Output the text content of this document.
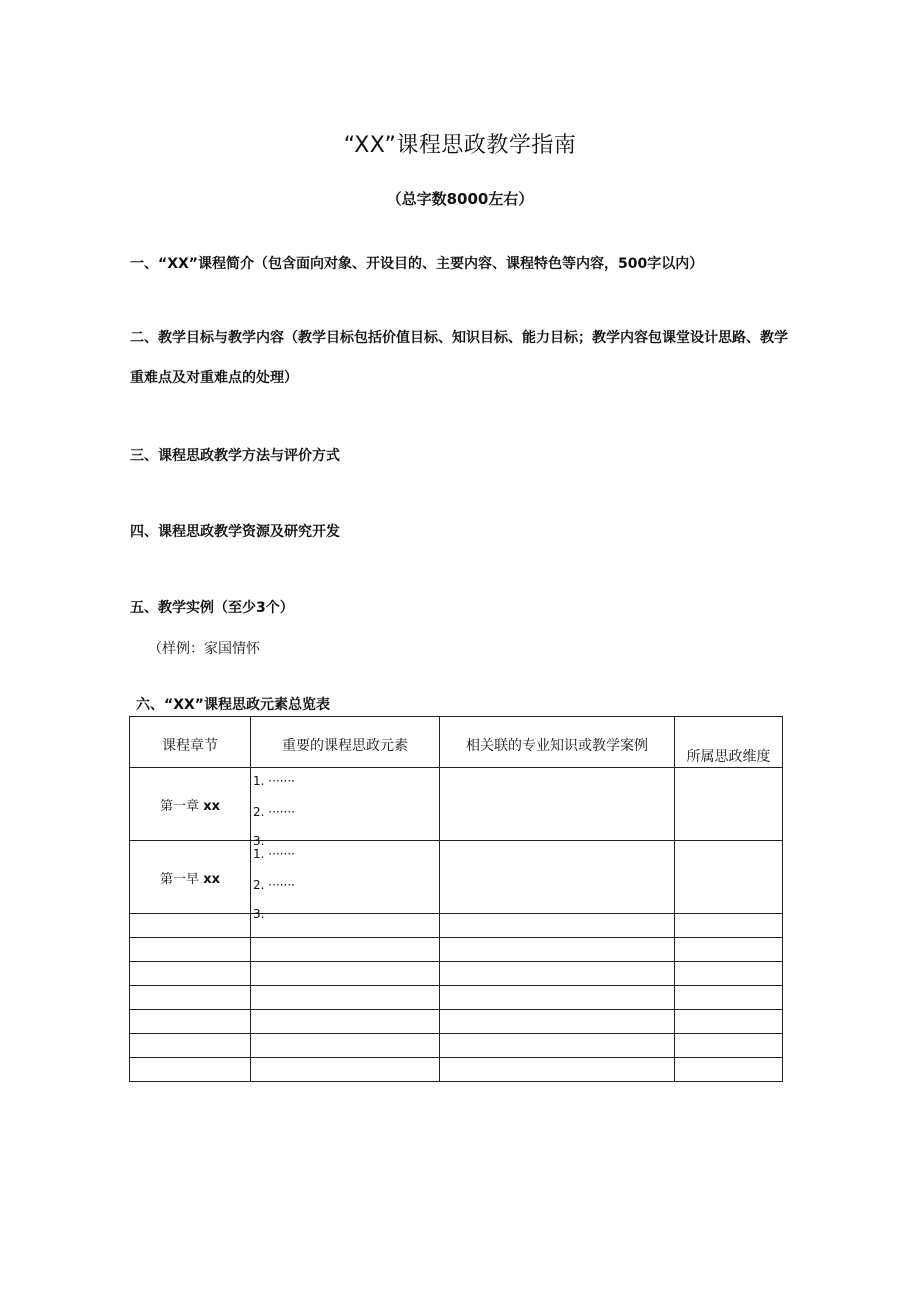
“XX”课程思政教学指南
（总字数8000左右）
一、“XX”课程简介（包含面向对象、开设目的、主要内容、课程特色等内容，500字以内）
二、教学目标与教学内容（教学目标包括价值目标、知识目标、能力目标；教学内容包课堂设计思路、教学重难点及对重难点的处理）
三、课程思政教学方法与评价方式
四、课程思政教学资源及研究开发
五、教学实例（至少3个）
（样例：家国情怀
六、“XX”课程思政元素总览表
课程章节	重要的课程思政元素	相关联的专业知识或教学案例	所属思政维度

第一章 xx	1. ·······
2. ·······
3.		

第一早 xx	1. ·······
2. ·······
3.		
